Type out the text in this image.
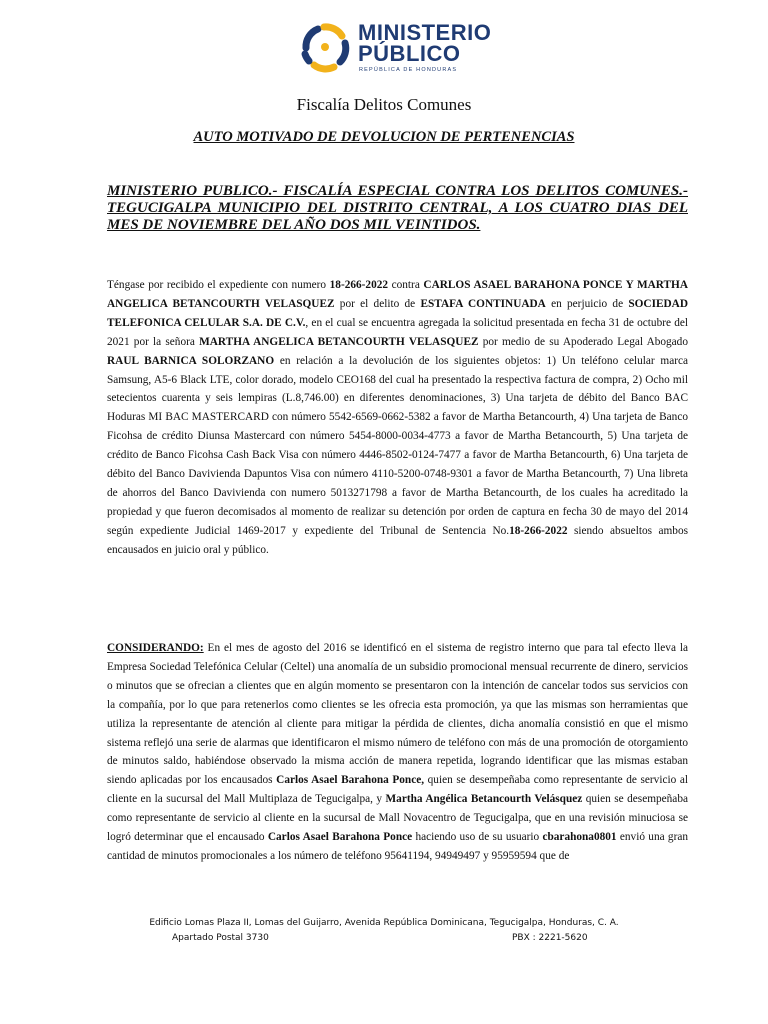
MINISTERIO
PÚBLICO
REPÚBLICA DE HONDURAS
Fiscalía Delitos Comunes
AUTO MOTIVADO DE DEVOLUCION DE PERTENENCIAS
MINISTERIO PUBLICO.- FISCALÍA ESPECIAL CONTRA LOS DELITOS COMUNES.- TEGUCIGALPA MUNICIPIO DEL DISTRITO CENTRAL, A LOS CUATRO DIAS DEL MES DE NOVIEMBRE DEL AÑO DOS MIL VEINTIDOS.
Téngase por recibido el expediente con numero 18-266-2022 contra CARLOS ASAEL BARAHONA PONCE Y MARTHA ANGELICA BETANCOURTH VELASQUEZ por el delito de ESTAFA CONTINUADA en perjuicio de SOCIEDAD TELEFONICA CELULAR S.A. DE C.V., en el cual se encuentra agregada la solicitud presentada en fecha 31 de octubre del 2021 por la señora MARTHA ANGELICA BETANCOURTH VELASQUEZ por medio de su Apoderado Legal Abogado RAUL BARNICA SOLORZANO en relación a la devolución de los siguientes objetos: 1) Un teléfono celular marca Samsung, A5-6 Black LTE, color dorado, modelo CEO168 del cual ha presentado la respectiva factura de compra, 2) Ocho mil setecientos cuarenta y seis lempiras (L.8,746.00) en diferentes denominaciones, 3) Una tarjeta de débito del Banco BAC Hoduras MI BAC MASTERCARD con número 5542-6569-0662-5382 a favor de Martha Betancourth, 4) Una tarjeta de Banco Ficohsa de crédito Diunsa Mastercard con número 5454-8000-0034-4773 a favor de Martha Betancourth, 5) Una tarjeta de crédito de Banco Ficohsa Cash Back Visa con número 4446-8502-0124-7477 a favor de Martha Betancourth, 6) Una tarjeta de débito del Banco Davivienda Dapuntos Visa con número 4110-5200-0748-9301 a favor de Martha Betancourth, 7) Una libreta de ahorros del Banco Davivienda con numero 5013271798 a favor de Martha Betancourth, de los cuales ha acreditado la propiedad y que fueron decomisados al momento de realizar su detención por orden de captura en fecha 30 de mayo del 2014 según expediente Judicial 1469-2017 y expediente del Tribunal de Sentencia No.18-266-2022 siendo absueltos ambos encausados en juicio oral y público.
CONSIDERANDO: En el mes de agosto del 2016 se identificó en el sistema de registro interno que para tal efecto lleva la Empresa Sociedad Telefónica Celular (Celtel) una anomalía de un subsidio promocional mensual recurrente de dinero, servicios o minutos que se ofrecian a clientes que en algún momento se presentaron con la intención de cancelar todos sus servicios con la compañía, por lo que para retenerlos como clientes se les ofrecia esta promoción, ya que las mismas son herramientas que utiliza la representante de atención al cliente para mitigar la pérdida de clientes, dicha anomalía consistió en que el mismo sistema reflejó una serie de alarmas que identificaron el mismo número de teléfono con más de una promoción de otorgamiento de minutos saldo, habiéndose observado la misma acción de manera repetida, logrando identificar que las mismas estaban siendo aplicadas por los encausados Carlos Asael Barahona Ponce, quien se desempeñaba como representante de servicio al cliente en la sucursal del Mall Multiplaza de Tegucigalpa, y Martha Angélica Betancourth Velásquez quien se desempeñaba como representante de servicio al cliente en la sucursal de Mall Novacentro de Tegucigalpa, que en una revisión minuciosa se logró determinar que el encausado Carlos Asael Barahona Ponce haciendo uso de su usuario cbarahona0801 envió una gran cantidad de minutos promocionales a los número de teléfono 95641194, 94949497 y 95959594 que de
Edificio Lomas Plaza II, Lomas del Guijarro, Avenida República Dominicana, Tegucigalpa, Honduras, C. A.
Apartado Postal 3730	PBX : 2221-5620
